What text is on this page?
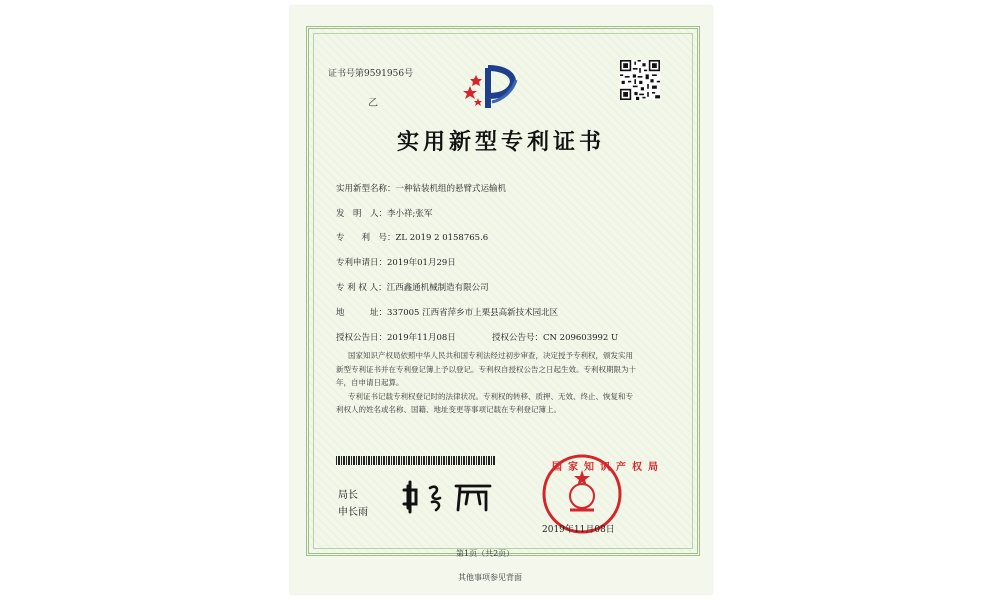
证书号第9591956号
乙
实用新型专利证书
实用新型名称：一种钻装机组的悬臂式运输机
发　明　人：李小祥;张军
专　　利　号：ZL 2019 2 0158765.6
专利申请日：2019年01月29日
专 利 权 人：江西鑫通机械制造有限公司
地　　　址：337005 江西省萍乡市上栗县高新技术园北区
授权公告日：2019年11月08日	授权公告号：CN 209603992 U
国家知识产权局依照中华人民共和国专利法经过初步审查，决定授予专利权，颁发实用
新型专利证书并在专利登记簿上予以登记。专利权自授权公告之日起生效。专利权期限为十
年，自申请日起算。
专利证书记载专利权登记时的法律状况。专利权的转移、质押、无效、终止、恢复和专
利权人的姓名或名称、国籍、地址变更等事项记载在专利登记簿上。
局长
申长雨
国家知识产权局
2019年11月08日
第1页（共2页）
其他事项参见背面
